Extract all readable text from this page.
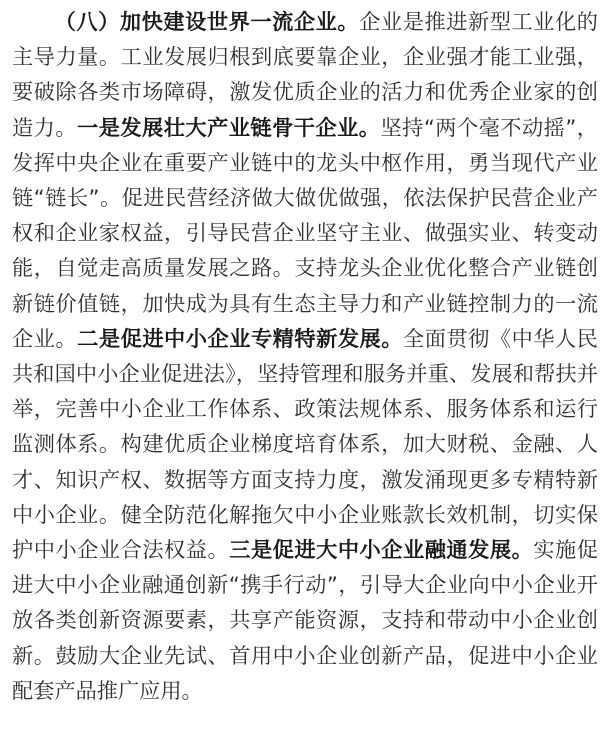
（八）加快建设世界一流企业。企业是推进新型工业化的主导力量。工业发展归根到底要靠企业，企业强才能工业强，要破除各类市场障碍，激发优质企业的活力和优秀企业家的创造力。一是发展壮大产业链骨干企业。坚持“两个毫不动摇”，发挥中央企业在重要产业链中的龙头中枢作用，勇当现代产业链“链长”。促进民营经济做大做优做强，依法保护民营企业产权和企业家权益，引导民营企业坚守主业、做强实业、转变动能，自觉走高质量发展之路。支持龙头企业优化整合产业链创新链价值链，加快成为具有生态主导力和产业链控制力的一流企业。二是促进中小企业专精特新发展。全面贯彻《中华人民共和国中小企业促进法》，坚持管理和服务并重、发展和帮扶并举，完善中小企业工作体系、政策法规体系、服务体系和运行监测体系。构建优质企业梯度培育体系，加大财税、金融、人才、知识产权、数据等方面支持力度，激发涌现更多专精特新中小企业。健全防范化解拖欠中小企业账款长效机制，切实保护中小企业合法权益。三是促进大中小企业融通发展。实施促进大中小企业融通创新“携手行动”，引导大企业向中小企业开放各类创新资源要素，共享产能资源，支持和带动中小企业创新。鼓励大企业先试、首用中小企业创新产品，促进中小企业配套产品推广应用。
